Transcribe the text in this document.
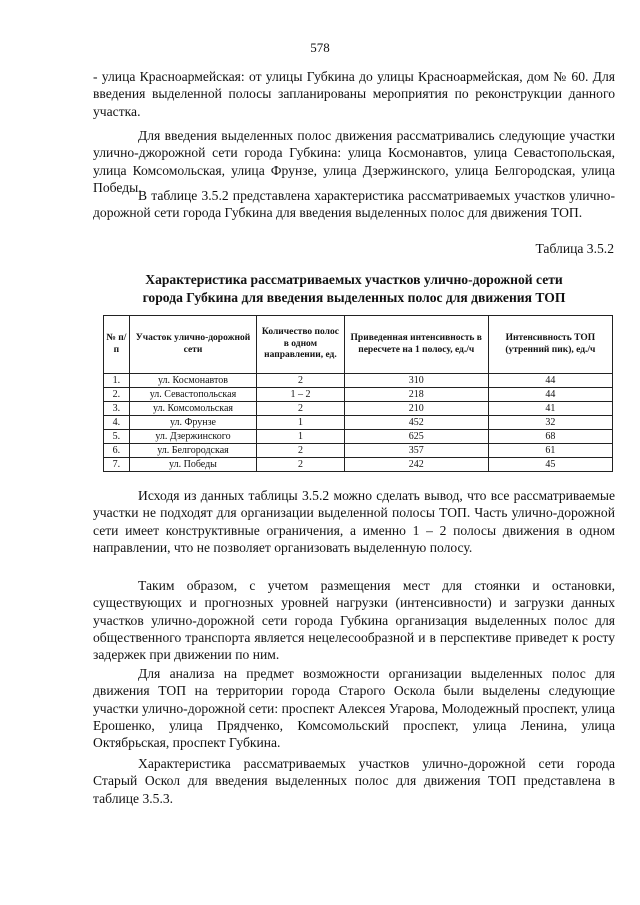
578

- улица Красноармейская: от улицы Губкина до улицы Красноармейская, дом № 60. Для введения выделенной полосы запланированы мероприятия по реконструкции данного участка.

Для введения выделенных полос движения рассматривались следующие участки улично-джорожной сети города Губкина: улица Космонавтов, улица Севастопольская, улица Комсомольская, улица Фрунзе, улица Дзержинского, улица Белгородская, улица Победы.

В таблице 3.5.2 представлена характеристика рассматриваемых участков улично-дорожной сети города Губкина для введения выделенных полос для движения ТОП.

Таблица 3.5.2
Характеристика рассматриваемых участков улично-дорожной сети
города Губкина для введения выделенных полос для движения ТОП
№ п/п	Участок улично-дорожной сети	Количество полос в одном направлении, ед.	Приведенная интенсивность в пересчете на 1 полосу, ед./ч	Интенсивность ТОП (утренний пик), ед./ч
1.	ул. Космонавтов	2	310	44
2.	ул. Севастопольская	1 – 2	218	44
3.	ул. Комсомольская	2	210	41
4.	ул. Фрунзе	1	452	32
5.	ул. Дзержинского	1	625	68
6.	ул. Белгородская	2	357	61
7.	ул. Победы	2	242	45

Исходя из данных таблицы 3.5.2 можно сделать вывод, что все рассматриваемые участки не подходят для организации выделенной полосы ТОП. Часть улично-дорожной сети имеет конструктивные ограничения, а именно 1 – 2 полосы движения в одном направлении, что не позволяет организовать выделенную полосу.

Таким образом, с учетом размещения мест для стоянки и остановки, существующих и прогнозных уровней нагрузки (интенсивности) и загрузки данных участков улично-дорожной сети города Губкина организация выделенных полос для общественного транспорта является нецелесообразной и в перспективе приведет к росту задержек при движении по ним.

Для анализа на предмет возможности организации выделенных полос для движения ТОП на территории города Старого Оскола были выделены следующие участки улично-дорожной сети: проспект Алексея Угарова, Молодежный проспект, улица Ерошенко, улица Прядченко, Комсомольский проспект, улица Ленина, улица Октябрьская, проспект Губкина.

Характеристика рассматриваемых участков улично-дорожной сети города Старый Оскол для введения выделенных полос для движения ТОП представлена в таблице 3.5.3.
